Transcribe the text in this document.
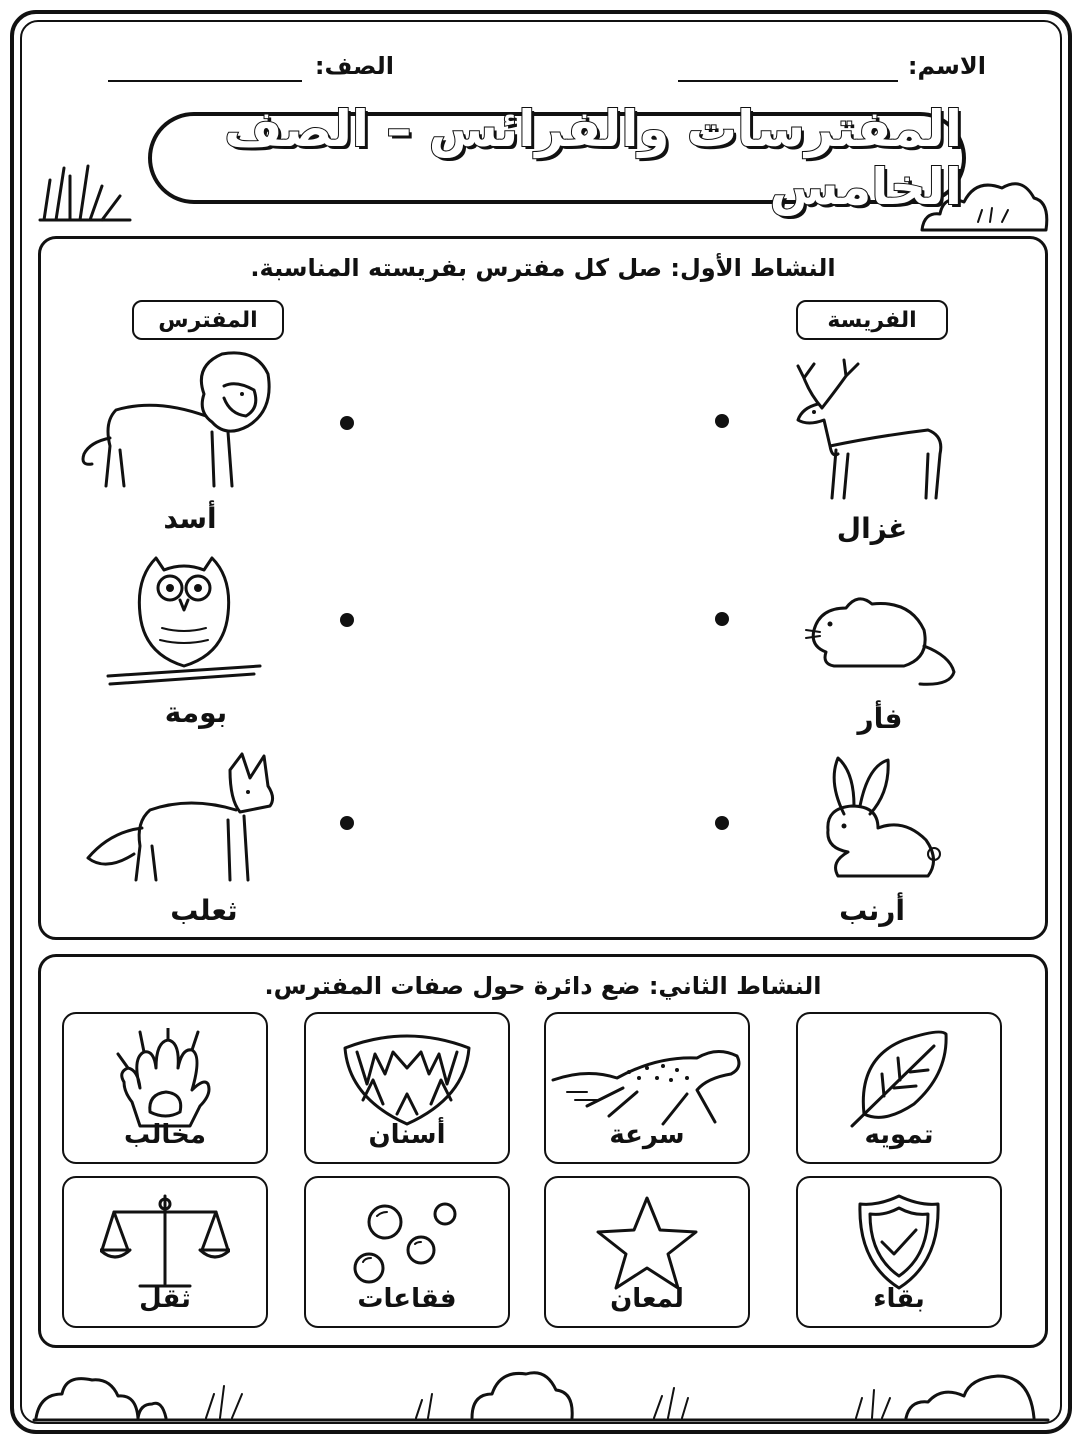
الاسم:
الصف:
المفترسات والفرائس – الصف الخامس
النشاط الأول: صل كل مفترس بفريسته المناسبة.
الفريسة
المفترس
غزال
فأر
أرنب
أسد
بومة
ثعلب
النشاط الثاني: ضع دائرة حول صفات المفترس.
تمويه
سرعة
أسنان
مخالب
بقاء
لمعان
فقاعات
ثقل
